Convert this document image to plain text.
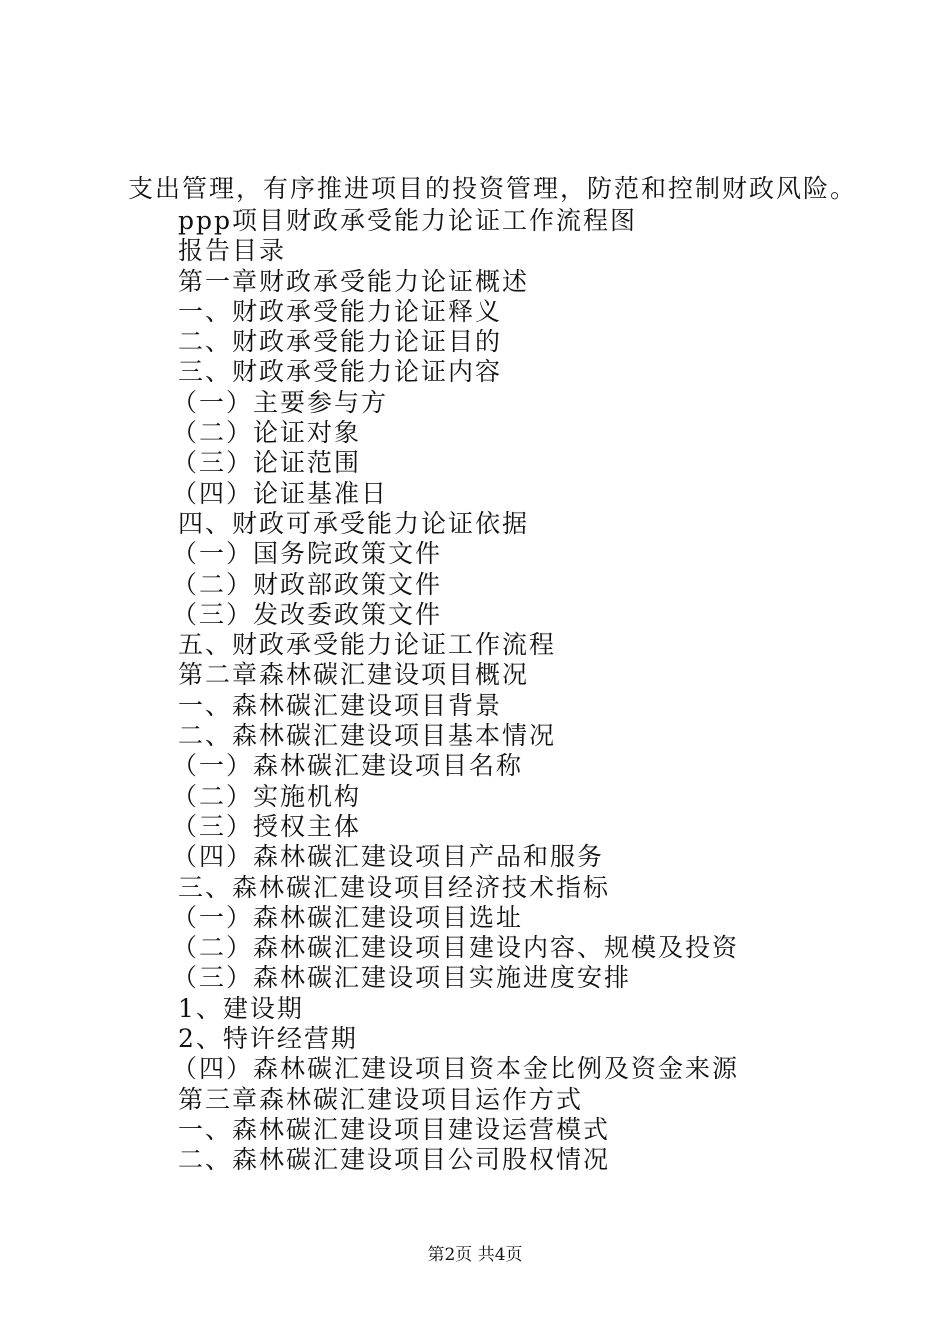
支出管理，有序推进项目的投资管理，防范和控制财政风险。
ppp项目财政承受能力论证工作流程图
报告目录
第一章财政承受能力论证概述
一、财政承受能力论证释义
二、财政承受能力论证目的
三、财政承受能力论证内容
（一）主要参与方
（二）论证对象
（三）论证范围
（四）论证基准日
四、财政可承受能力论证依据
（一）国务院政策文件
（二）财政部政策文件
（三）发改委政策文件
五、财政承受能力论证工作流程
第二章森林碳汇建设项目概况
一、森林碳汇建设项目背景
二、森林碳汇建设项目基本情况
（一）森林碳汇建设项目名称
（二）实施机构
（三）授权主体
（四）森林碳汇建设项目产品和服务
三、森林碳汇建设项目经济技术指标
（一）森林碳汇建设项目选址
（二）森林碳汇建设项目建设内容、规模及投资
（三）森林碳汇建设项目实施进度安排
1、建设期
2、特许经营期
（四）森林碳汇建设项目资本金比例及资金来源
第三章森林碳汇建设项目运作方式
一、森林碳汇建设项目建设运营模式
二、森林碳汇建设项目公司股权情况
第2页 共4页
